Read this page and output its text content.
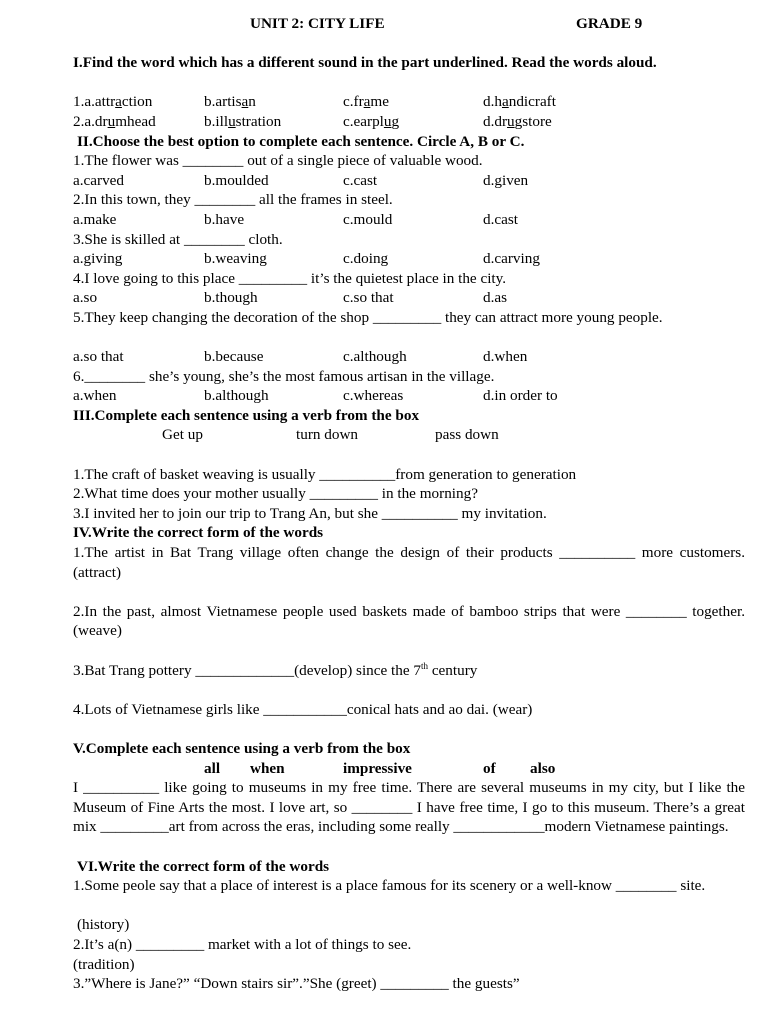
UNIT 2: CITY LIFE	GRADE 9
I.Find the word which has a different sound in the part underlined. Read the words aloud.
1.a.attraction	b.artisan	c.frame	d.handicraft
2.a.drumhead	b.illustration	c.earplug	d.drugstore
II.Choose the best option to complete each sentence. Circle A, B or C.
1.The flower was ________ out of a single piece of valuable wood.
a.carved	b.moulded	c.cast	d.given
2.In this town, they ________ all the frames in steel.
a.make	b.have	c.mould	d.cast
3.She is skilled at ________ cloth.
a.giving	b.weaving	c.doing	d.carving
4.I love going to this place _________ it’s the quietest place in the city.
a.so	b.though	c.so that	d.as
5.They keep changing the decoration of the shop _________ they can attract more young people.
a.so that	b.because	c.although	d.when
6.________ she’s young, she’s the most famous artisan in the village.
a.when	b.although	c.whereas	d.in order to
III.Complete each sentence using a verb from the box
Get up	turn down	pass down
1.The craft of basket weaving is usually __________from generation to generation
2.What time does your mother usually _________ in the morning?
3.I invited her to join our trip to Trang An, but she __________ my invitation.
IV.Write the correct form of the words
1.The artist in Bat Trang village often change the design of their products __________ more customers. (attract)
2.In the past, almost Vietnamese people used baskets made of bamboo strips that were ________ together. (weave)
3.Bat Trang pottery _____________(develop) since the 7th century
4.Lots of Vietnamese girls like ___________conical hats and ao dai. (wear)
V.Complete each sentence using a verb from the box
all when	impressive	of also
I __________ like going to museums in my free time. There are several museums in my city, but I like the Museum of Fine Arts the most. I love art, so ________ I have free time, I go to this museum. There’s a great mix _________art from across the eras, including some really ____________modern Vietnamese paintings.
VI.Write the correct form of the words
1.Some peole say that a place of interest is a place famous for its scenery or a well-know ________ site.
(history)
2.It’s a(n) _________ market with a lot of things to see.
(tradition)
3.”Where is Jane?” “Down stairs sir”.”She (greet) _________ the guests”
